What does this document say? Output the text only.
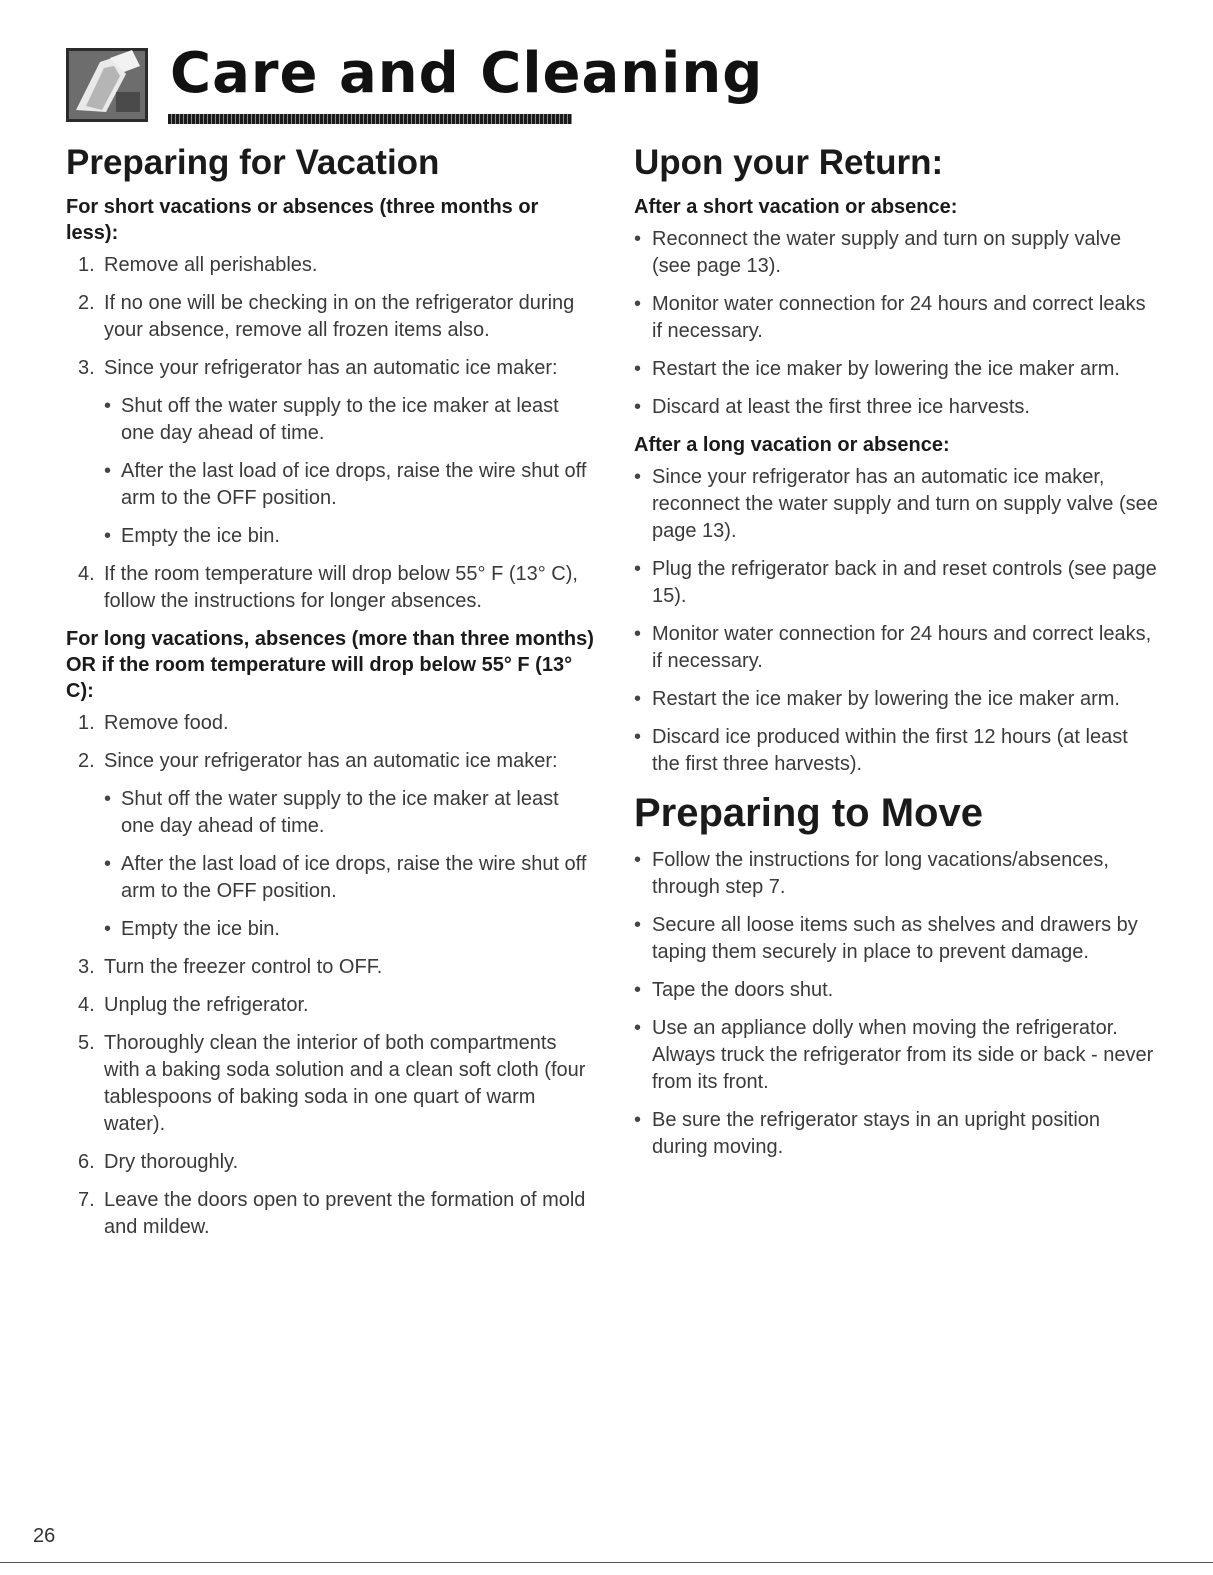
Care and Cleaning
Preparing for Vacation
For short vacations or absences (three months or less):

1. Remove all perishables.

2. If no one will be checking in on the refrigerator during your absence, remove all frozen items also.

3. Since your refrigerator has an automatic ice maker:

• Shut off the water supply to the ice maker at least one day ahead of time.

• After the last load of ice drops, raise the wire shut off arm to the OFF position.

• Empty the ice bin.

4. If the room temperature will drop below 55° F (13° C), follow the instructions for longer absences.

For long vacations, absences (more than three months) OR if the room temperature will drop below 55° F (13° C):

1. Remove food.

2. Since your refrigerator has an automatic ice maker:

• Shut off the water supply to the ice maker at least one day ahead of time.

• After the last load of ice drops, raise the wire shut off arm to the OFF position.

• Empty the ice bin.

3. Turn the freezer control to OFF.

4. Unplug the refrigerator.

5. Thoroughly clean the interior of both compartments with a baking soda solution and a clean soft cloth (four tablespoons of baking soda in one quart of warm water).

6. Dry thoroughly.

7. Leave the doors open to prevent the formation of mold and mildew.

Upon your Return:
After a short vacation or absence:

• Reconnect the water supply and turn on supply valve (see page 13).

• Monitor water connection for 24 hours and correct leaks if necessary.

• Restart the ice maker by lowering the ice maker arm.

• Discard at least the first three ice harvests.

After a long vacation or absence:

• Since your refrigerator has an automatic ice maker, reconnect the water supply and turn on supply valve (see page 13).

• Plug the refrigerator back in and reset controls (see page 15).

• Monitor water connection for 24 hours and correct leaks, if necessary.

• Restart the ice maker by lowering the ice maker arm.

• Discard ice produced within the first 12 hours (at least the first three harvests).

Preparing to Move

• Follow the instructions for long vacations/absences, through step 7.

• Secure all loose items such as shelves and drawers by taping them securely in place to prevent damage.

• Tape the doors shut.

• Use an appliance dolly when moving the refrigerator. Always truck the refrigerator from its side or back - never from its front.

• Be sure the refrigerator stays in an upright position during moving.

26
